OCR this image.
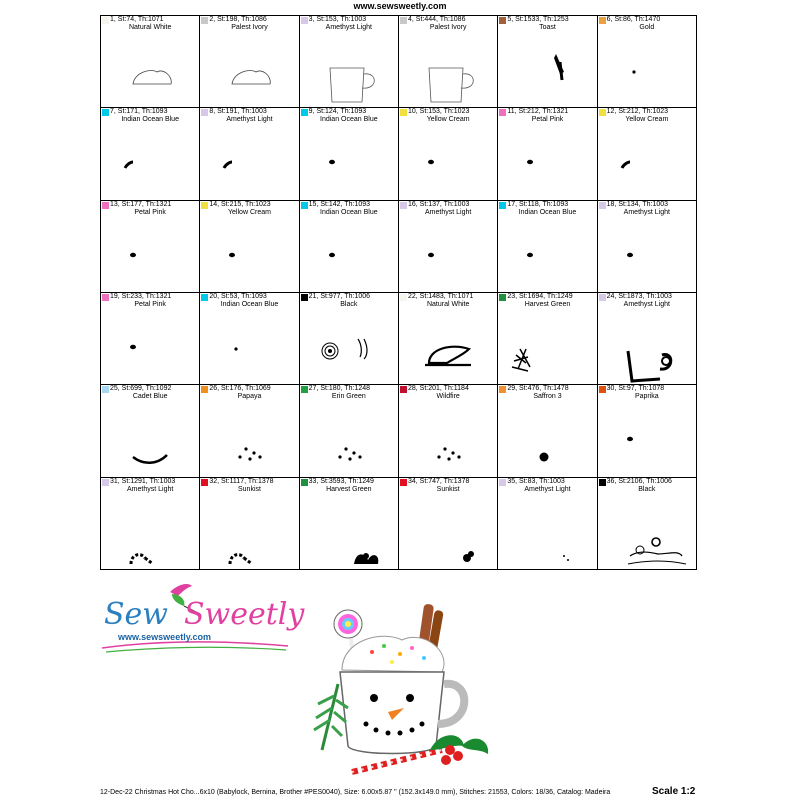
www.sewsweetly.com
1, St:74, Th:1071
Natural White
2, St:198, Th:1086
Palest Ivory
3, St:153, Th:1003
Amethyst Light
4, St:444, Th:1086
Palest Ivory
5, St:1533, Th:1253
Toast
6, St:86, Th:1470
Gold
7, St:171, Th:1093
Indian Ocean Blue
8, St:191, Th:1003
Amethyst Light
9, St:124, Th:1093
Indian Ocean Blue
10, St:153, Th:1023
Yellow Cream
11, St:212, Th:1321
Petal Pink
12, St:212, Th:1023
Yellow Cream
13, St:177, Th:1321
Petal Pink
14, St:215, Th:1023
Yellow Cream
15, St:142, Th:1093
Indian Ocean Blue
16, St:137, Th:1003
Amethyst Light
17, St:118, Th:1093
Indian Ocean Blue
18, St:134, Th:1003
Amethyst Light
19, St:233, Th:1321
Petal Pink
20, St:53, Th:1093
Indian Ocean Blue
21, St:977, Th:1006
Black
22, St:1483, Th:1071
Natural White
23, St:1694, Th:1249
Harvest Green
24, St:1873, Th:1003
Amethyst Light
25, St:699, Th:1092
Cadet Blue
26, St:176, Th:1069
Papaya
27, St:180, Th:1248
Erin Green
28, St:201, Th:1184
Wildfire
29, St:476, Th:1478
Saffron 3
30, St:97, Th:1078
Paprika
31, St:1291, Th:1003
Amethyst Light
32, St:1117, Th:1378
Sunkist
33, St:3593, Th:1249
Harvest Green
34, St:747, Th:1378
Sunkist
35, St:83, Th:1003
Amethyst Light
36, St:2106, Th:1006
Black
Sew Sweetly
www.sewsweetly.com
12-Dec-22 Christmas Hot Cho...6x10 (Babylock, Bernina, Brother #PES0040), Size: 6.00x5.87 " (152.3x149.0 mm), Stitches: 21553, Colors: 18/36, Catalog: Madeira	Scale 1:2
